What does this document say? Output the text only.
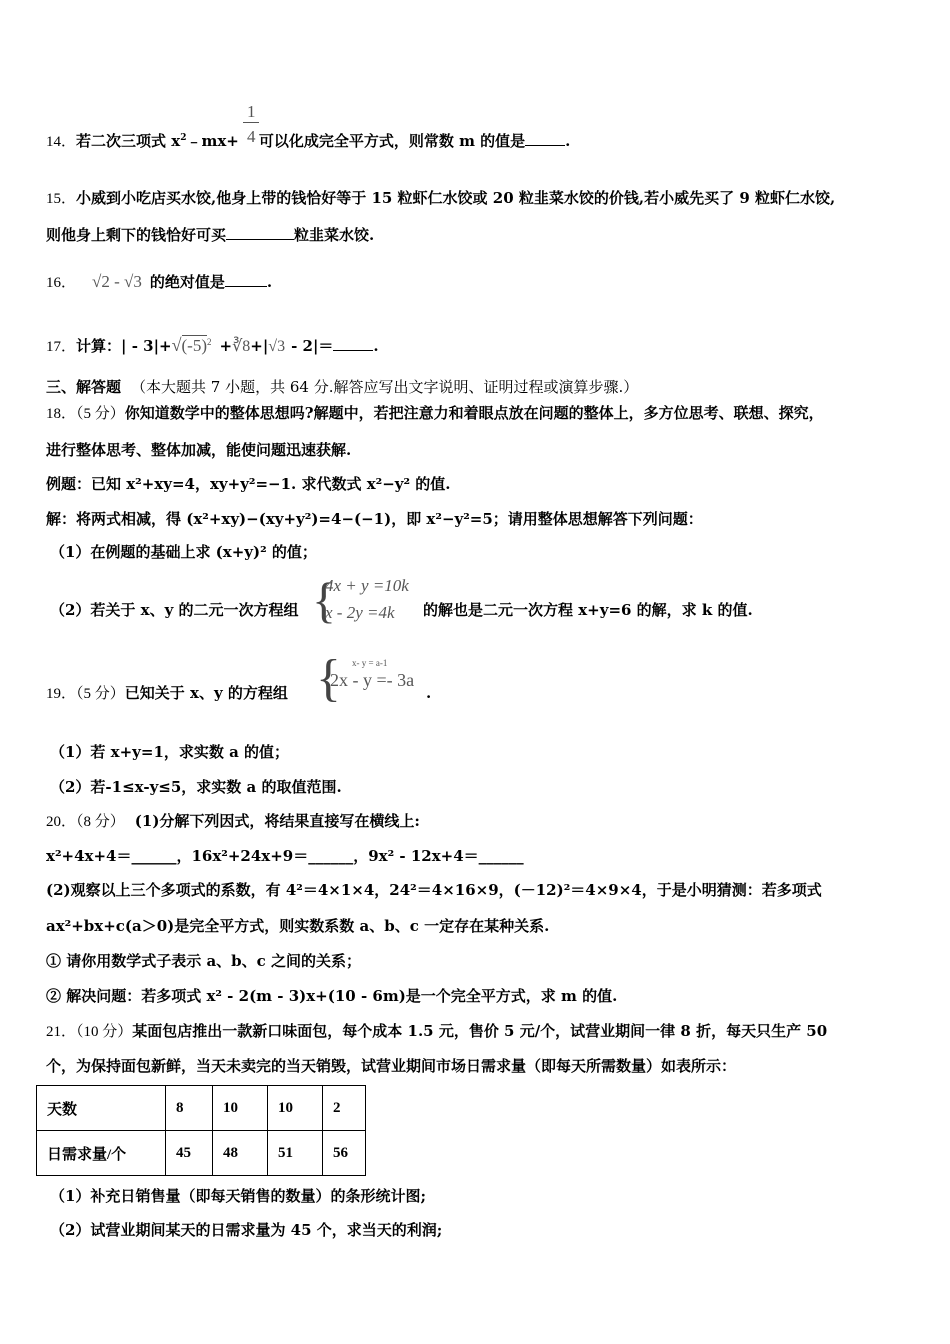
14．若二次三项式 $x^2﹣mx+$ 可以化成完全平方式，则常数 m 的值是	.
1
4
15．小威到小吃店买水饺,他身上带的钱恰好等于 15 粒虾仁水饺或 20 粒韭菜水饺的价钱,若小威先买了 9 粒虾仁水饺,
则他身上剩下的钱恰好可买	粒韭菜水饺.
16． √2 - √3 的绝对值是	.
17．计算：| - $3|+√(-5)^2$ +∛8+|√3 - 2|＝	.
三、解答题 （本大题共 7 小题，共 64 分.解答应写出文字说明、证明过程或演算步骤.）
18．（5 分）你知道数学中的整体思想吗?解题中，若把注意力和着眼点放在问题的整体上，多方位思考、联想、探究，
进行整体思考、整体加减，能使问题迅速获解.
例题：已知 x²+xy=4，xy+y²=−1. 求代数式 x²−y² 的值.
解：将两式相减，得 (x²+xy)−(xy+y²)=4−(−1)，即 x²−y²=5；请用整体思想解答下列问题：
（1）在例题的基础上求 (x+y)² 的值；
（2）若关于 x、y 的二元一次方程组 {
4x + y =10k
x - 2y =4k 的解也是二元一次方程 x+y=6 的解，求 k 的值.
19．（5 分）已知关于 x、y 的方程组 { x- y = a-1
2x - y =- 3a
.
（1）若 x+y=1，求实数 a 的值；
（2）若-1≤x-y≤5，求实数 a 的取值范围.
20．（8 分） (1)分解下列因式，将结果直接写在横线上:
x²+4x+4＝______，16x²+24x+9＝______，9x² - 12x+4＝______
(2)观察以上三个多项式的系数，有 4²＝4×1×4，24²＝4×16×9，(－12)²＝4×9×4，于是小明猜测：若多项式
ax²+bx+c(a＞0)是完全平方式，则实数系数 a、b、c 一定存在某种关系.
① 请你用数学式子表示 a、b、c 之间的关系；
② 解决问题：若多项式 x² - 2(m - 3)x+(10 - 6m)是一个完全平方式，求 m 的值.
21．（10 分）某面包店推出一款新口味面包，每个成本 1.5 元，售价 5 元/个，试营业期间一律 8 折，每天只生产 50
个，为保持面包新鲜，当天未卖完的当天销毁，试营业期间市场日需求量（即每天所需数量）如表所示：
天数	8	10	10	2
日需求量/个	45	48	51	56
（1）补充日销售量（即每天销售的数量）的条形统计图;
（2）试营业期间某天的日需求量为 45 个，求当天的利润;
